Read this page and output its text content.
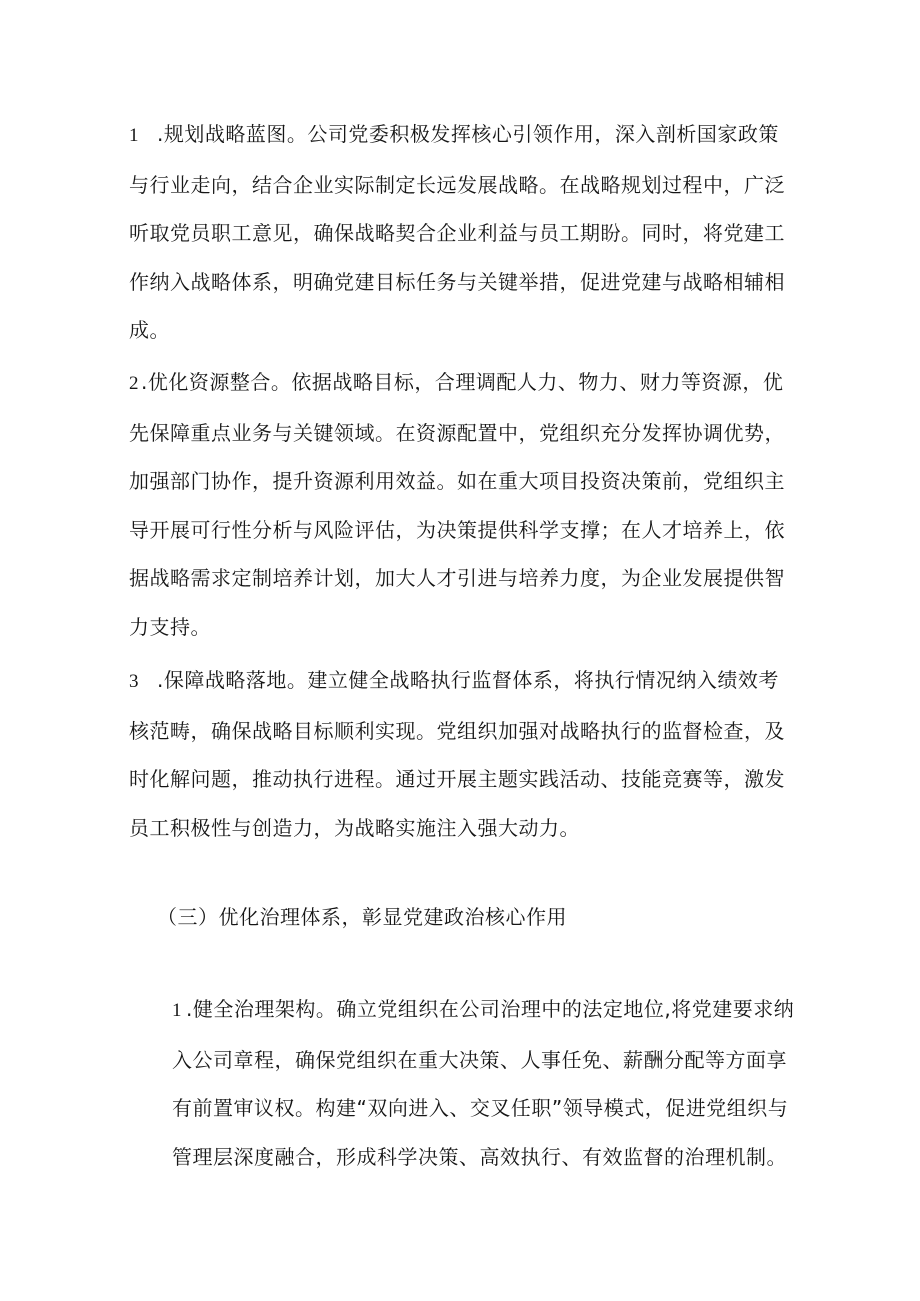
1 .规划战略蓝图。公司党委积极发挥核心引领作用，深入剖析国家政策与行业走向，结合企业实际制定长远发展战略。在战略规划过程中，广泛听取党员职工意见，确保战略契合企业利益与员工期盼。同时，将党建工作纳入战略体系，明确党建目标任务与关键举措，促进党建与战略相辅相成。
2 .优化资源整合。依据战略目标，合理调配人力、物力、财力等资源，优先保障重点业务与关键领域。在资源配置中，党组织充分发挥协调优势，加强部门协作，提升资源利用效益。如在重大项目投资决策前，党组织主导开展可行性分析与风险评估，为决策提供科学支撑；在人才培养上，依据战略需求定制培养计划，加大人才引进与培养力度，为企业发展提供智力支持。
3 .保障战略落地。建立健全战略执行监督体系，将执行情况纳入绩效考核范畴，确保战略目标顺利实现。党组织加强对战略执行的监督检查，及时化解问题，推动执行进程。通过开展主题实践活动、技能竞赛等，激发员工积极性与创造力，为战略实施注入强大动力。
（三）优化治理体系，彰显党建政治核心作用
1 .健全治理架构。确立党组织在公司治理中的法定地位,将党建要求纳入公司章程，确保党组织在重大决策、人事任免、薪酬分配等方面享有前置审议权。构建“双向进入、交叉任职”领导模式，促进党组织与管理层深度融合，形成科学决策、高效执行、有效监督的治理机制。
